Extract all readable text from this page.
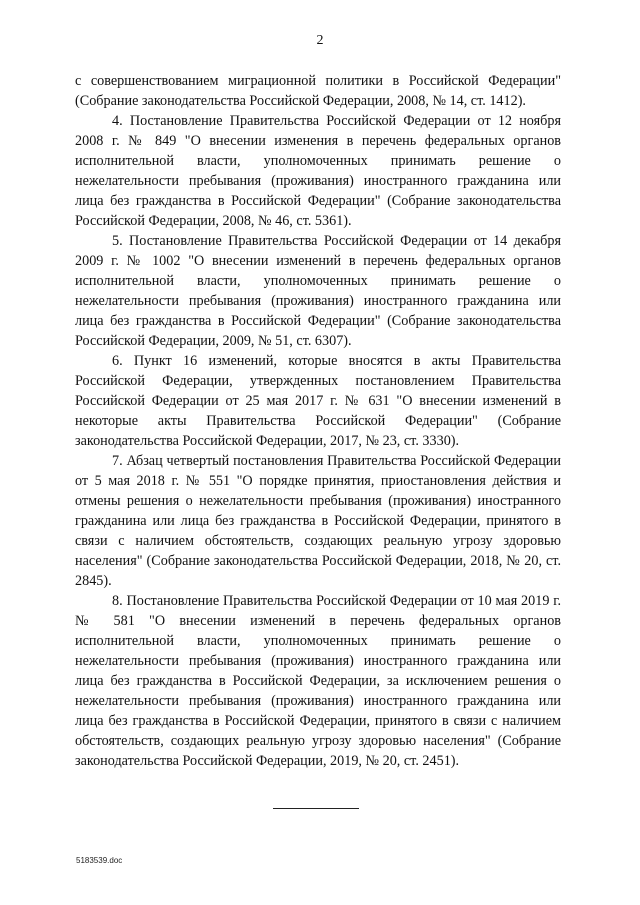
2

с совершенствованием миграционной политики в Российской Федерации" (Собрание законодательства Российской Федерации, 2008, № 14, ст. 1412).

4. Постановление Правительства Российской Федерации от 12 ноября 2008 г. № 849 "О внесении изменения в перечень федеральных органов исполнительной власти, уполномоченных принимать решение о нежелательности пребывания (проживания) иностранного гражданина или лица без гражданства в Российской Федерации" (Собрание законодательства Российской Федерации, 2008, № 46, ст. 5361).

5. Постановление Правительства Российской Федерации от 14 декабря 2009 г. № 1002 "О внесении изменений в перечень федеральных органов исполнительной власти, уполномоченных принимать решение о нежелательности пребывания (проживания) иностранного гражданина или лица без гражданства в Российской Федерации" (Собрание законодательства Российской Федерации, 2009, № 51, ст. 6307).

6. Пункт 16 изменений, которые вносятся в акты Правительства Российской Федерации, утвержденных постановлением Правительства Российской Федерации от 25 мая 2017 г. № 631 "О внесении изменений в некоторые акты Правительства Российской Федерации" (Собрание законодательства Российской Федерации, 2017, № 23, ст. 3330).

7. Абзац четвертый постановления Правительства Российской Федерации от 5 мая 2018 г. № 551 "О порядке принятия, приостановления действия и отмены решения о нежелательности пребывания (проживания) иностранного гражданина или лица без гражданства в Российской Федерации, принятого в связи с наличием обстоятельств, создающих реальную угрозу здоровью населения" (Собрание законодательства Российской Федерации, 2018, № 20, ст. 2845).

8. Постановление Правительства Российской Федерации от 10 мая 2019 г. № 581 "О внесении изменений в перечень федеральных органов исполнительной власти, уполномоченных принимать решение о нежелательности пребывания (проживания) иностранного гражданина или лица без гражданства в Российской Федерации, за исключением решения о нежелательности пребывания (проживания) иностранного гражданина или лица без гражданства в Российской Федерации, принятого в связи с наличием обстоятельств, создающих реальную угрозу здоровью населения" (Собрание законодательства Российской Федерации, 2019, № 20, ст. 2451).

5183539.doc
